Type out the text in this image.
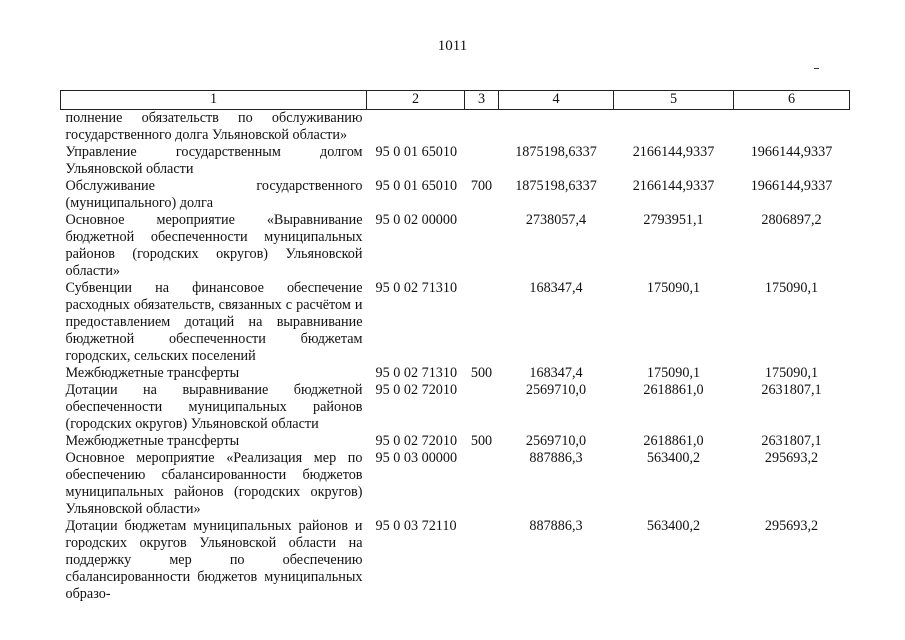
1011
1	2	3	4	5	6
полнение обязательств по обслуживанию государственного долга Ульяновской области»					
Управление государственным долгом Ульяновской области	95 0 01 65010		1875198,6337	2166144,9337	1966144,9337
Обслуживание государственного (муниципального) долга	95 0 01 65010	700	1875198,6337	2166144,9337	1966144,9337
Основное мероприятие «Выравнивание бюджетной обеспеченности муниципальных районов (городских округов) Ульяновской области»	95 0 02 00000		2738057,4	2793951,1	2806897,2
Субвенции на финансовое обеспечение расходных обязательств, связанных с расчётом и предоставлением дотаций на выравнивание бюджетной обеспеченности бюджетам городских, сельских поселений	95 0 02 71310		168347,4	175090,1	175090,1
Межбюджетные трансферты	95 0 02 71310	500	168347,4	175090,1	175090,1
Дотации на выравнивание бюджетной обеспеченности муниципальных районов (городских округов) Ульяновской области	95 0 02 72010		2569710,0	2618861,0	2631807,1
Межбюджетные трансферты	95 0 02 72010	500	2569710,0	2618861,0	2631807,1
Основное мероприятие «Реализация мер по обеспечению сбалансированности бюджетов муниципальных районов (городских округов) Ульяновской области»	95 0 03 00000		887886,3	563400,2	295693,2
Дотации бюджетам муниципальных районов и городских округов Ульяновской области на поддержку мер по обеспечению сбалансированности бюджетов муниципальных образо-	95 0 03 72110		887886,3	563400,2	295693,2
